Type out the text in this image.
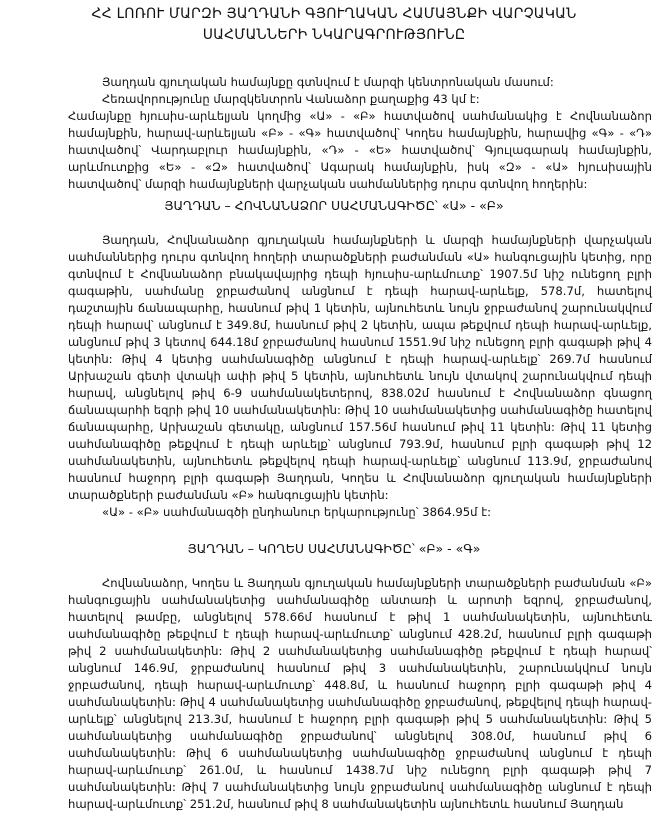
ՀՀ ԼՈՌՈՒ ՄԱՐԶԻ ՅԱՂԴԱՆԻ ԳՅՈՒՂԱԿԱՆ ՀԱՄԱՅՆՔԻ ՎԱՐՉԱԿԱՆ
ՍԱՀՄԱՆՆԵՐԻ ՆԿԱՐԱԳՐՈՒԹՅՈՒՆԸ

Յաղդան գյուղական համայնքը գտնվում է մարզի կենտրոնական մասում:

Հեռավորությունը մարզկենտրոն Վանաձոր քաղաքից 43 կմ է:

Համայնքը հյուսիս-արևելյան կողմից «Ա» - «Բ» հատվածով սահմանակից է Հովնանաձոր համայնքին, հարավ-արևելյան «Բ» - «Գ» հատվածով՝ Կողես համայնքին, հարավից «Գ» - «Դ» հատվածով՝ Վարդաբլուր համայնքին, «Դ» - «Ե» հատվածով՝ Գյուլագարակ համայնքին, արևմուտքից «Ե» - «Զ» հատվածով՝ Ագարակ համայնքին, իսկ «Զ» - «Ա» հյուսիսային հատվածով՝ մարզի համայնքների վարչական սահմաններից դուրս գտնվող հողերին:

ՅԱՂԴԱՆ – ՀՈՎՆԱՆԱՁՈՐ ՍԱՀՄԱՆԱԳԻԾԸ՝ «Ա» - «Բ»

Յաղդան, Հովնանաձոր գյուղական համայնքների և մարզի համայնքների վարչական սահմաններից դուրս գտնվող հողերի տարածքների բաժանման «Ա» հանգուցային կետից, որը գտնվում է Հովնանաձոր բնակավայրից դեպի հյուսիս-արևմուտք՝ 1907.5մ նիշ ունեցող բլրի գագաթին, սահմանը ջրբաժանով անցնում է դեպի հարավ-արևելք, 578.7մ, հատելով դաշտային ճանապարհը, հասնում թիվ 1 կետին, այնուհետև նույն ջրբաժանով շարունակվում դեպի հարավ՝ անցնում է 349.8մ, հասնում թիվ 2 կետին, ապա թեքվում դեպի հարավ-արևելք, անցնում թիվ 3 կետով 644.18մ ջրբաժանով հասնում 1551.9մ նիշ ունեցող բլրի գագաթի թիվ 4 կետին: Թիվ 4 կետից սահմանագիծը անցնում է դեպի հարավ-արևելք՝ 269.7մ հասնում Արխաշան գետի վտակի ափի թիվ 5 կետին, այնուհետև նույն վտակով շարունակվում դեպի հարավ, անցնելով թիվ 6-9 սահմանակետերով, 838.02մ հասնում է Հովնանաձոր գնացող ճանապարհի եզրի թիվ 10 սահմանակետին: Թիվ 10 սահմանակետից սահմանագիծը հատելով ճանապարհը, Արխաշան գետակը, անցնում 157.56մ հասնում թիվ 11 կետին: Թիվ 11 կետից սահմանագիծը թեքվում է դեպի արևելք՝ անցնում 793.9մ, հասնում բլրի գագաթի թիվ 12 սահմանակետին, այնուհետև թեքվելով դեպի հարավ-արևելք՝ անցնում 113.9մ, ջրբաժանով հասնում հաջորդ բլրի գագաթի Յաղդան, Կողես և Հովնանաձոր գյուղական համայնքների տարածքների բաժանման «Բ» հանգուցային կետին:

«Ա» - «Բ» սահմանագծի ընդհանուր երկարությունը՝ 3864.95մ է:

ՅԱՂԴԱՆ – ԿՈՂԵՍ ՍԱՀՄԱՆԱԳԻԾԸ՝ «Բ» - «Գ»

Հովնանաձոր, Կողես և Յաղդան գյուղական համայնքների տարածքների բաժանման «Բ» հանգուցային սահմանակետից սահմանագիծը անտառի և արոտի եզրով, ջրբաժանով, հատելով թամբը, անցնելով 578.66մ հասնում է թիվ 1 սահմանակետին, այնուհետև սահմանագիծը թեքվում է դեպի հարավ-արևմուտք՝ անցնում 428.2մ, հասնում բլրի գագաթի թիվ 2 սահմանակետին: Թիվ 2 սահմանակետից սահմանագիծը թեքվում է դեպի հարավ՝ անցնում 146.9մ, ջրբաժանով հասնում թիվ 3 սահմանակետին, շարունակվում նույն ջրբաժանով, դեպի հարավ-արևմուտք՝ 448.8մ, և հասնում հաջորդ բլրի գագաթի թիվ 4 սահմանակետին: Թիվ 4 սահմանակետից սահմանագիծը ջրբաժանով, թեքվելով դեպի հարավ-արևելք՝ անցնելով 213.3մ, հասնում է հաջորդ բլրի գագաթի թիվ 5 սահմանակետին: Թիվ 5 սահմանակետից սահմանագիծը ջրբաժանով՝ անցնելով 308.0մ, հասնում թիվ 6 սահմանակետին: Թիվ 6 սահմանակետից սահմանագիծը ջրբաժանով անցնում է դեպի հարավ-արևմուտք՝ 261.0մ, և հասնում 1438.7մ նիշ ունեցող բլրի գագաթի թիվ 7 սահմանակետին: Թիվ 7 սահմանակետից նույն ջրբաժանով սահմանագիծը անցնում է դեպի հարավ-արևմուտք՝ 251.2մ, հասնում թիվ 8 սահմանակետին այնուհետև հասնում Յաղդան
